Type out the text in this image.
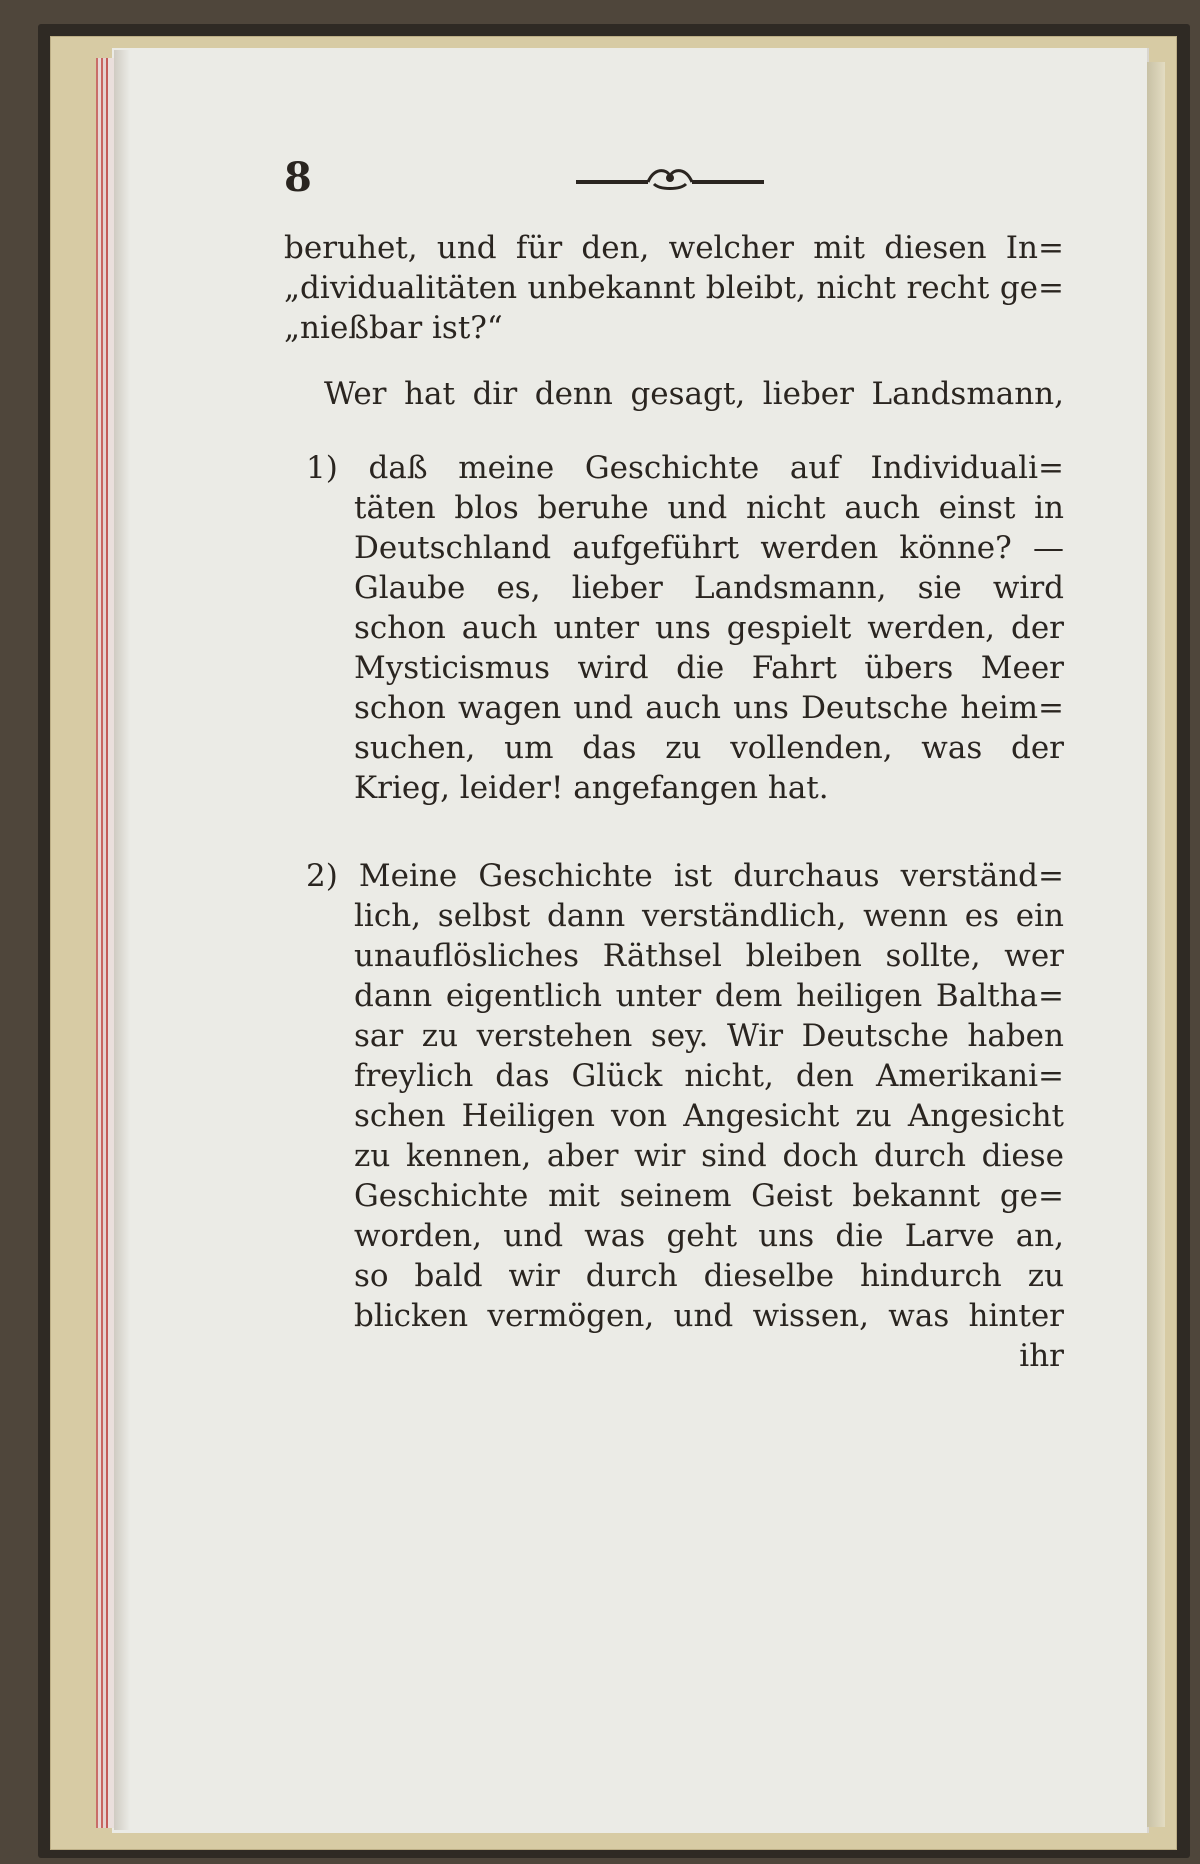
8
beruhet, und für den, welcher mit diesen In=
„dividualitäten unbekannt bleibt, nicht recht ge=
„nießbar ist?“
Wer hat dir denn gesagt, lieber Landsmann,
1) daß meine Geschichte auf Individuali=
täten blos beruhe und nicht auch einst in
Deutschland aufgeführt werden könne? —
Glaube es, lieber Landsmann, sie wird
schon auch unter uns gespielt werden, der
Mysticismus wird die Fahrt übers Meer
schon wagen und auch uns Deutsche heim=
suchen, um das zu vollenden, was der
Krieg, leider! angefangen hat.
2) Meine Geschichte ist durchaus verständ=
lich, selbst dann verständlich, wenn es ein
unauflösliches Räthsel bleiben sollte, wer
dann eigentlich unter dem heiligen Baltha=
sar zu verstehen sey. Wir Deutsche haben
freylich das Glück nicht, den Amerikani=
schen Heiligen von Angesicht zu Angesicht
zu kennen, aber wir sind doch durch diese
Geschichte mit seinem Geist bekannt ge=
worden, und was geht uns die Larve an,
so bald wir durch dieselbe hindurch zu
blicken vermögen, und wissen, was hinter
ihr
